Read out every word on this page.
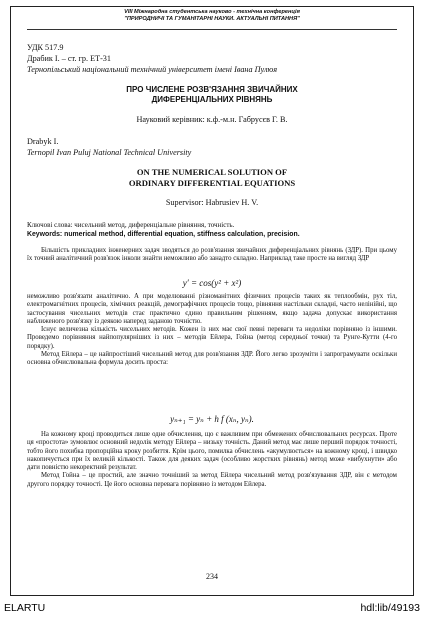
VIII Міжнародна студентська науково - технічна конференція
"ПРИРОДНИЧІ ТА ГУМАНІТАРНІ НАУКИ. АКТУАЛЬНІ ПИТАННЯ"
УДК 517.9
Драбик І. – ст. гр. ЕТ-31
Тернопільський національний технічний університет імені Івана Пулюя
ПРО ЧИСЛЕНЕ РОЗВ'ЯЗАННЯ ЗВИЧАЙНИХ
ДИФЕРЕНЦІАЛЬНИХ РІВНЯНЬ
Науковий керівник: к.ф.-м.н. Габрусєв Г. В.
Drabyk I.
Ternopil Ivan Puluj National Technical University
ON THE NUMERICAL SOLUTION OF
ORDINARY DIFFERENTIAL EQUATIONS
Supervisor: Habrusiev H. V.
Ключові слова: чисельний метод, диференціальне рівняння, точність.
Keywords: numerical method, differential equation, stiffness calculation, precision.

Більшість прикладних інженерних задач зводяться до розв'язання звичайних диференціальних рівнянь (ЗДР). При цьому їх точний аналітичний розв'язок інколи знайти неможливо або занадто складно. Наприклад таке просте на вигляд ЗДР

y′ = cos(y² + x²)

неможливо розв'язати аналітично. А при моделюванні різноманітних фізичних процесів таких як теплообмін, рух тіл, електромагнітних процесів, хімічних реакцій, демографічних процесів тощо, рівняння настільки складні, часто нелінійні, що застосування чисельних методів стає практично єдино правильним рішенням, якщо задача допускає використання наближеного розв'язку із деякою наперед заданою точністю.

Існує величезна кількість чисельних методів. Кожен із них має свої певні переваги та недоліки порівняно із іншими. Проведемо порівняння найпопулярніших із них – методів Ейлера, Гойна (метод середньої точки) та Рунге-Кутти (4-го порядку).

Метод Ейлера – це найпростіший чисельний метод для розв'язання ЗДР. Його легко зрозуміти і запрограмувати оскільки основна обчислювальна формула досить проста:

yₙ₊₁ = yₙ + h f (xₙ, yₙ).

На кожному кроці проводиться лише одне обчислення, що є важливим при обмежених обчислювальних ресурсах. Проте ця «простота» зумовлює основний недолік методу Ейлера – низьку точність. Даний метод має лише перший порядок точності, тобто його похибка пропорційна кроку розбиття. Крім цього, помилка обчислень «акумулюється» на кожному кроці, і швидко накопичується при їх великій кількості. Також для деяких задач (особливо жорстких рівнянь) метод може «вибухнути» або дати повністю некоректний результат.

Метод Гойна – це простий, але значно точніший за метод Ейлера чисельний метод розв'язування ЗДР, він є методом другого порядку точності. Це його основна перевага порівняно із методом Ейлера.

234
ELARTU	hdl:lib/49193
